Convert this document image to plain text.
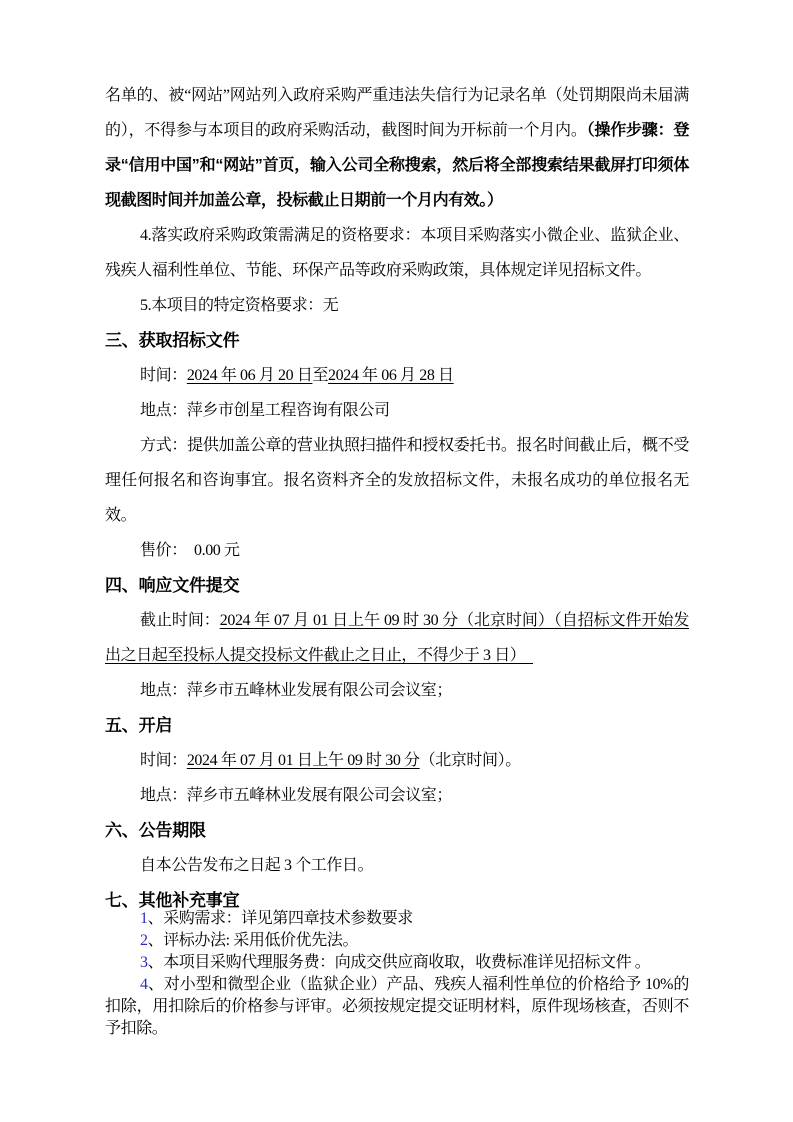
名单的、被“网站”网站列入政府采购严重违法失信行为记录名单（处罚期限尚未届满的），不得参与本项目的政府采购活动，截图时间为开标前一个月内。（操作步骤：登录“信用中国”和“网站”首页，输入公司全称搜索，然后将全部搜索结果截屏打印须体现截图时间并加盖公章，投标截止日期前一个月内有效。）

4.落实政府采购政策需满足的资格要求：本项目采购落实小微企业、监狱企业、残疾人福利性单位、节能、环保产品等政府采购政策，具体规定详见招标文件。

5.本项目的特定资格要求：无

三、获取招标文件

时间：2024 年 06 月 20 日至2024 年 06 月 28 日

地点：萍乡市创星工程咨询有限公司

方式：提供加盖公章的营业执照扫描件和授权委托书。报名时间截止后，概不受理任何报名和咨询事宜。报名资料齐全的发放招标文件，未报名成功的单位报名无效。

售价：  0.00 元

四、响应文件提交

截止时间：2024 年 07 月 01 日上午 09 时 30 分（北京时间）（自招标文件开始发出之日起至投标人提交投标文件截止之日止，不得少于 3 日）　

地点：萍乡市五峰林业发展有限公司会议室；

五、开启

时间：2024 年 07 月 01 日上午 09 时 30 分（北京时间）。

地点：萍乡市五峰林业发展有限公司会议室；

六、公告期限

自本公告发布之日起 3 个工作日。

七、其他补充事宜

1、采购需求：详见第四章技术参数要求

2、评标办法: 采用低价优先法。

3、本项目采购代理服务费：向成交供应商收取，收费标准详见招标文件 。

4、对小型和微型企业（监狱企业）产品、残疾人福利性单位的价格给予 10%的扣除，用扣除后的价格参与评审。必须按规定提交证明材料，原件现场核查，否则不予扣除。
